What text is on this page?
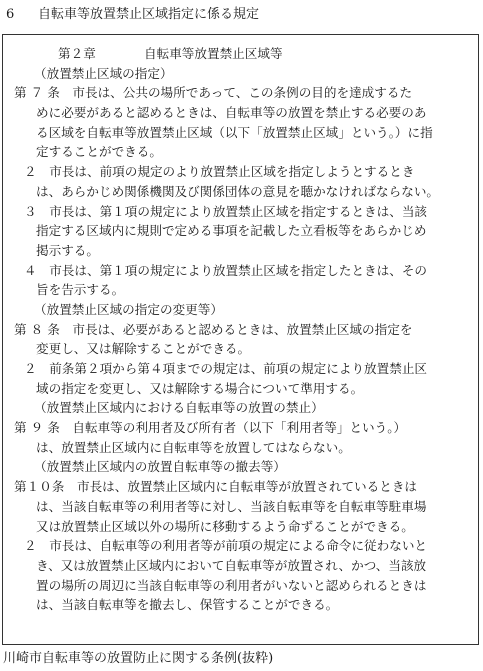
6 自転車等放置禁止区域指定に係る規定
第２章	自転車等放置禁止区域等
（放置禁止区域の指定）
第 ７ 条　市長は、公共の場所であって、この条例の目的を達成するた
めに必要があると認めるときは、自転車等の放置を禁止する必要のあ
る区域を自転車等放置禁止区域（以下「放置禁止区域」という。）に指
定することができる。
２　市長は、前項の規定のより放置禁止区域を指定しようとするとき
は、あらかじめ関係機関及び関係団体の意見を聴かなければならない。
３　市長は、第１項の規定により放置禁止区域を指定するときは、当該
指定する区域内に規則で定める事項を記載した立看板等をあらかじめ
掲示する。
４　市長は、第１項の規定により放置禁止区域を指定したときは、その
旨を告示する。
（放置禁止区域の指定の変更等）
第 ８ 条　市長は、必要があると認めるときは、放置禁止区域の指定を
変更し、又は解除することができる。
２　前条第２項から第４項までの規定は、前項の規定により放置禁止区
域の指定を変更し、又は解除する場合について準用する。
（放置禁止区域内における自転車等の放置の禁止）
第 ９ 条　自転車等の利用者及び所有者（以下「利用者等」という。）
は、放置禁止区域内に自転車等を放置してはならない。
（放置禁止区域内の放置自転車等の撤去等）
第１０条　市長は、放置禁止区域内に自転車等が放置されているときは
は、当該自転車等の利用者等に対し、当該自転車等を自転車等駐車場
又は放置禁止区域以外の場所に移動するよう命ずることができる。
２　市長は、自転車等の利用者等が前項の規定による命令に従わないと
き、又は放置禁止区域内において自転車等が放置され、かつ、当該放
置の場所の周辺に当該自転車等の利用者がいないと認められるときは
は、当該自転車等を撤去し、保管することができる。
川崎市自転車等の放置防止に関する条例(抜粋)
